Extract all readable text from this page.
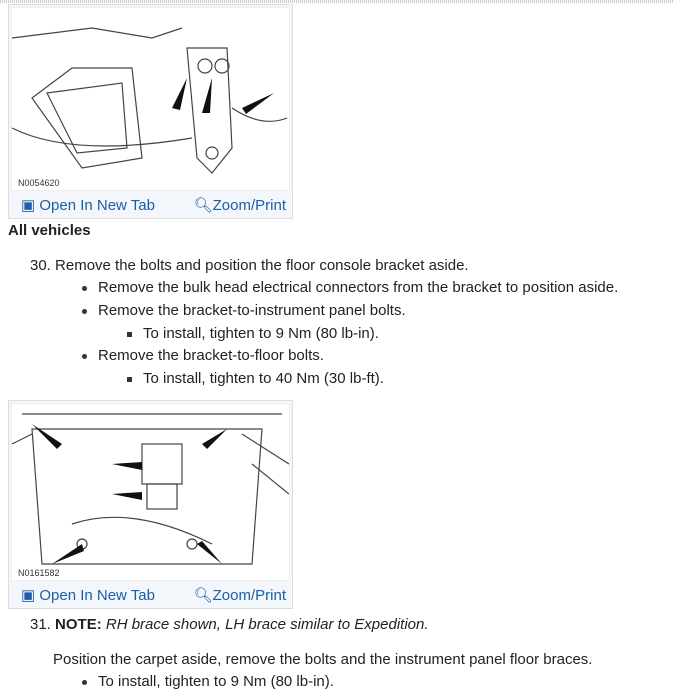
N0054620
▣ Open In New Tab	🔍︎Zoom/Print
All vehicles
30. Remove the bolts and position the floor console bracket aside.
Remove the bulk head electrical connectors from the bracket to position aside.
Remove the bracket-to-instrument panel bolts.
To install, tighten to 9 Nm (80 lb-in).
Remove the bracket-to-floor bolts.
To install, tighten to 40 Nm (30 lb-ft).
N0161582
▣ Open In New Tab	🔍︎Zoom/Print
31. NOTE: RH brace shown, LH brace similar to Expedition.
Position the carpet aside, remove the bolts and the instrument panel floor braces.
To install, tighten to 9 Nm (80 lb-in).
